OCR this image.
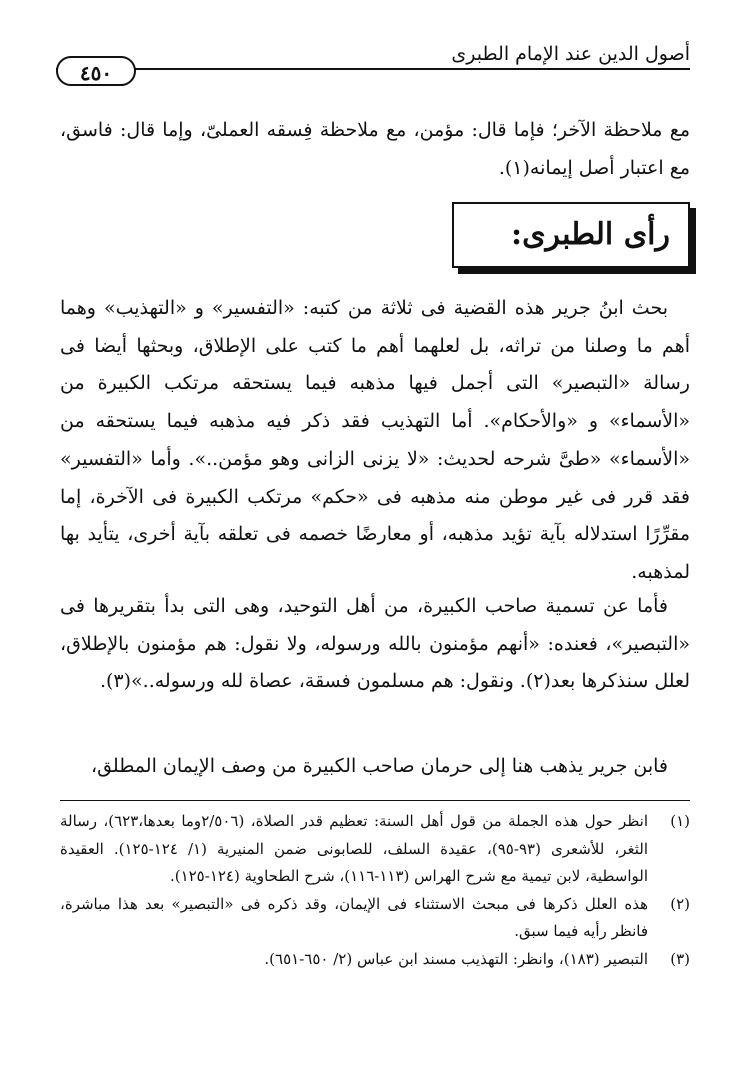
أصول الدين عند الإمام الطبرى
٤٥٠

مع ملاحظة الآخر؛ فإما قال: مؤمن، مع ملاحظة فِسقه العملىّ، وإما قال: فاسق، مع اعتبار أصل إيمانه(١).

رأى الطبرى:

بحث ابنُ جرير هذه القضية فى ثلاثة من كتبه: «التفسير» و «التهذيب» وهما أهم ما وصلنا من تراثه، بل لعلهما أهم ما كتب على الإطلاق، وبحثها أيضا فى رسالة «التبصير» التى أجمل فيها مذهبه فيما يستحقه مرتكب الكبيرة من «الأسماء» و «والأحكام». أما التهذيب فقد ذكر فيه مذهبه فيما يستحقه من «الأسماء» «طىَّ شرحه لحديث: «لا يزنى الزانى وهو مؤمن..». وأما «التفسير» فقد قرر فى غير موطن منه مذهبه فى «حكم» مرتكب الكبيرة فى الآخرة، إما مقرِّرًا استدلاله بآية تؤيد مذهبه، أو معارضًا خصمه فى تعلقه بآية أخرى، يتأيد بها لمذهبه.

فأما عن تسمية صاحب الكبيرة، من أهل التوحيد، وهى التى بدأ بتقريرها فى «التبصير»، فعنده: «أنهم مؤمنون بالله ورسوله، ولا نقول: هم مؤمنون بالإطلاق، لعلل سنذكرها بعد(٢). ونقول: هم مسلمون فسقة، عصاة لله ورسوله..»(٣).

فابن جرير يذهب هنا إلى حرمان صاحب الكبيرة من وصف الإيمان المطلق،

(١)
انظر حول هذه الجملة من قول أهل السنة: تعظيم قدر الصلاة، (٢/٥٠٦وما بعدها،٦٢٣)، رسالة الثغر، للأشعرى (٩٣-٩٥)، عقيدة السلف، للصابونى ضمن المنيرية (١/ ١٢٤-١٢٥). العقيدة الواسطية، لابن تيمية مع شرح الهراس (١١٣-١١٦)، شرح الطحاوية (١٢٤-١٢٥).
(٢)
هذه العلل ذكرها فى مبحث الاستثناء فى الإيمان، وقد ذكره فى «التبصير» بعد هذا مباشرة، فانظر رأيه فيما سبق.
(٣)
التبصير (١٨٣)، وانظر: التهذيب مسند ابن عباس (٢/ ٦٥٠-٦٥١).
